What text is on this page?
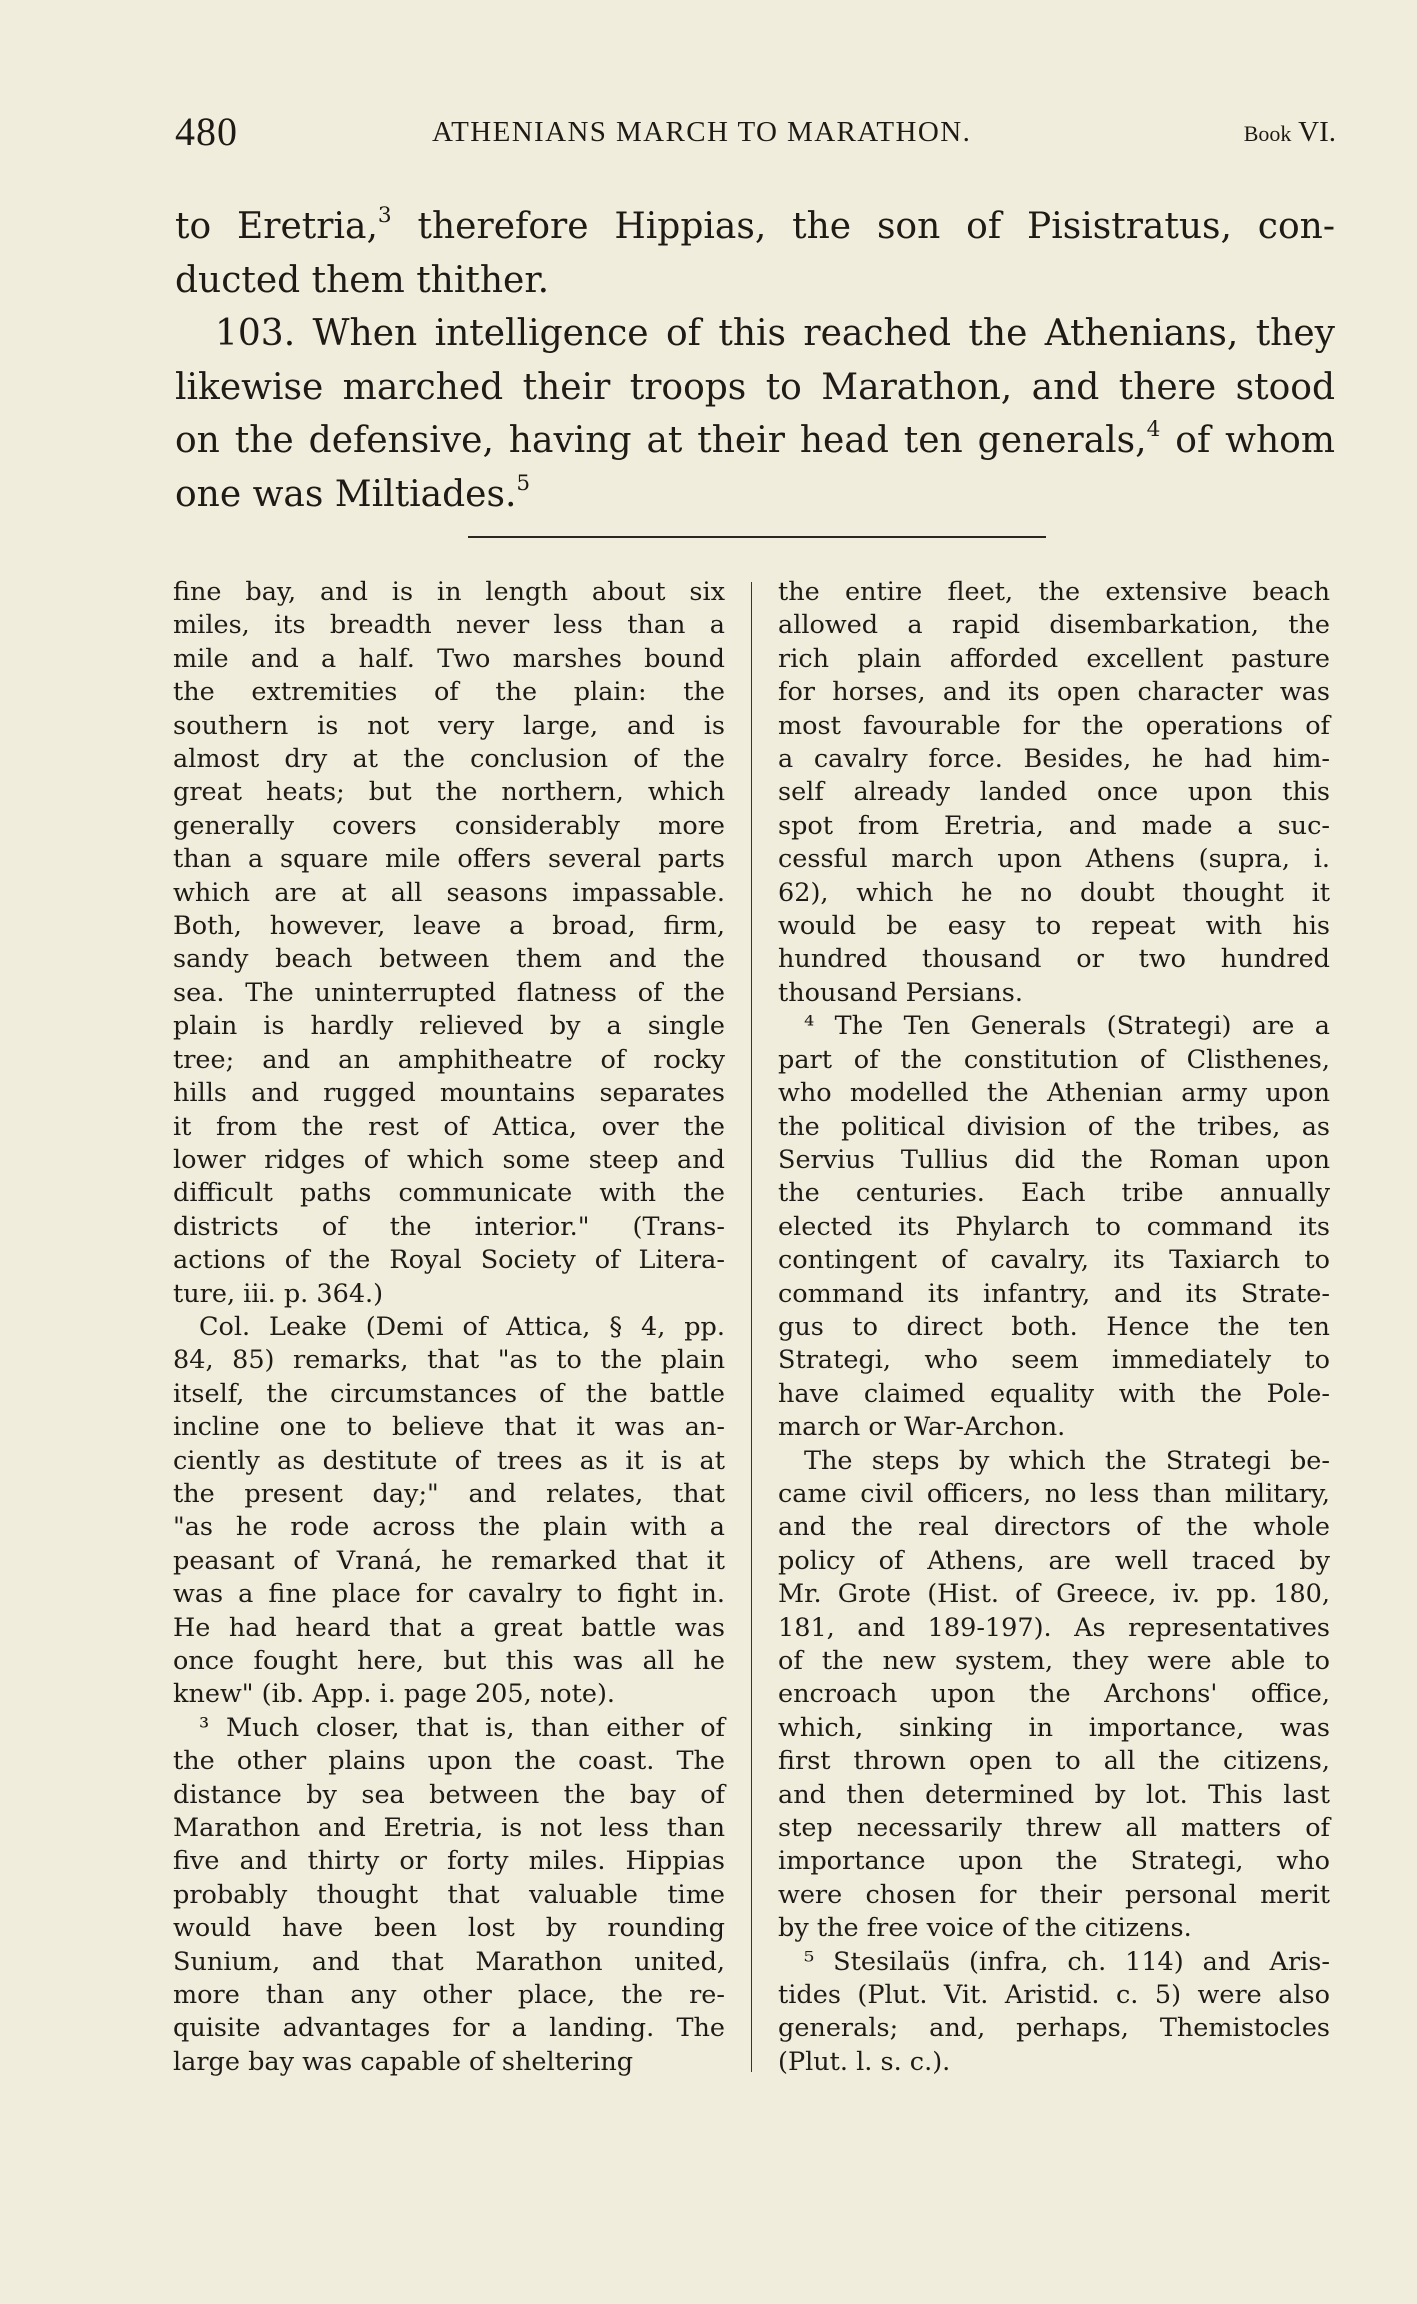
480	ATHENIANS MARCH TO MARATHON.	Book VI.

to Eretria,$^3$ therefore Hippias, the son of Pisistratus, con-
ducted them thither.

103. When intelligence of this reached the Athenians, they
likewise marched their troops to Marathon, and there stood
on the defensive, having at their head ten generals,$^4$ of whom
one was Miltiades.$^5$

fine bay, and is in length about six
miles, its breadth never less than a
mile and a half. Two marshes bound
the extremities of the plain: the
southern is not very large, and is
almost dry at the conclusion of the
great heats; but the northern, which
generally covers considerably more
than a square mile offers several parts
which are at all seasons impassable.
Both, however, leave a broad, firm,
sandy beach between them and the
sea. The uninterrupted flatness of the
plain is hardly relieved by a single
tree; and an amphitheatre of rocky
hills and rugged mountains separates
it from the rest of Attica, over the
lower ridges of which some steep and
difficult paths communicate with the
districts of the interior." (Trans-
actions of the Royal Society of Litera-
ture, iii. p. 364.)
Col. Leake (Demi of Attica, § 4, pp.
84, 85) remarks, that "as to the plain
itself, the circumstances of the battle
incline one to believe that it was an-
ciently as destitute of trees as it is at
the present day;" and relates, that
"as he rode across the plain with a
peasant of Vraná, he remarked that it
was a fine place for cavalry to fight in.
He had heard that a great battle was
once fought here, but this was all he
knew" (ib. App. i. page 205, note).
³ Much closer, that is, than either of
the other plains upon the coast. The
distance by sea between the bay of
Marathon and Eretria, is not less than
five and thirty or forty miles. Hippias
probably thought that valuable time
would have been lost by rounding
Sunium, and that Marathon united,
more than any other place, the re-
quisite advantages for a landing. The
large bay was capable of sheltering
the entire fleet, the extensive beach
allowed a rapid disembarkation, the
rich plain afforded excellent pasture
for horses, and its open character was
most favourable for the operations of
a cavalry force. Besides, he had him-
self already landed once upon this
spot from Eretria, and made a suc-
cessful march upon Athens (supra, i.
62), which he no doubt thought it
would be easy to repeat with his
hundred thousand or two hundred
thousand Persians.
⁴ The Ten Generals (Strategi) are a
part of the constitution of Clisthenes,
who modelled the Athenian army upon
the political division of the tribes, as
Servius Tullius did the Roman upon
the centuries. Each tribe annually
elected its Phylarch to command its
contingent of cavalry, its Taxiarch to
command its infantry, and its Strate-
gus to direct both. Hence the ten
Strategi, who seem immediately to
have claimed equality with the Pole-
march or War-Archon.
The steps by which the Strategi be-
came civil officers, no less than military,
and the real directors of the whole
policy of Athens, are well traced by
Mr. Grote (Hist. of Greece, iv. pp. 180,
181, and 189-197). As representatives
of the new system, they were able to
encroach upon the Archons' office,
which, sinking in importance, was
first thrown open to all the citizens,
and then determined by lot. This last
step necessarily threw all matters of
importance upon the Strategi, who
were chosen for their personal merit
by the free voice of the citizens.
⁵ Stesilaüs (infra, ch. 114) and Aris-
tides (Plut. Vit. Aristid. c. 5) were also
generals; and, perhaps, Themistocles
(Plut. l. s. c.).
